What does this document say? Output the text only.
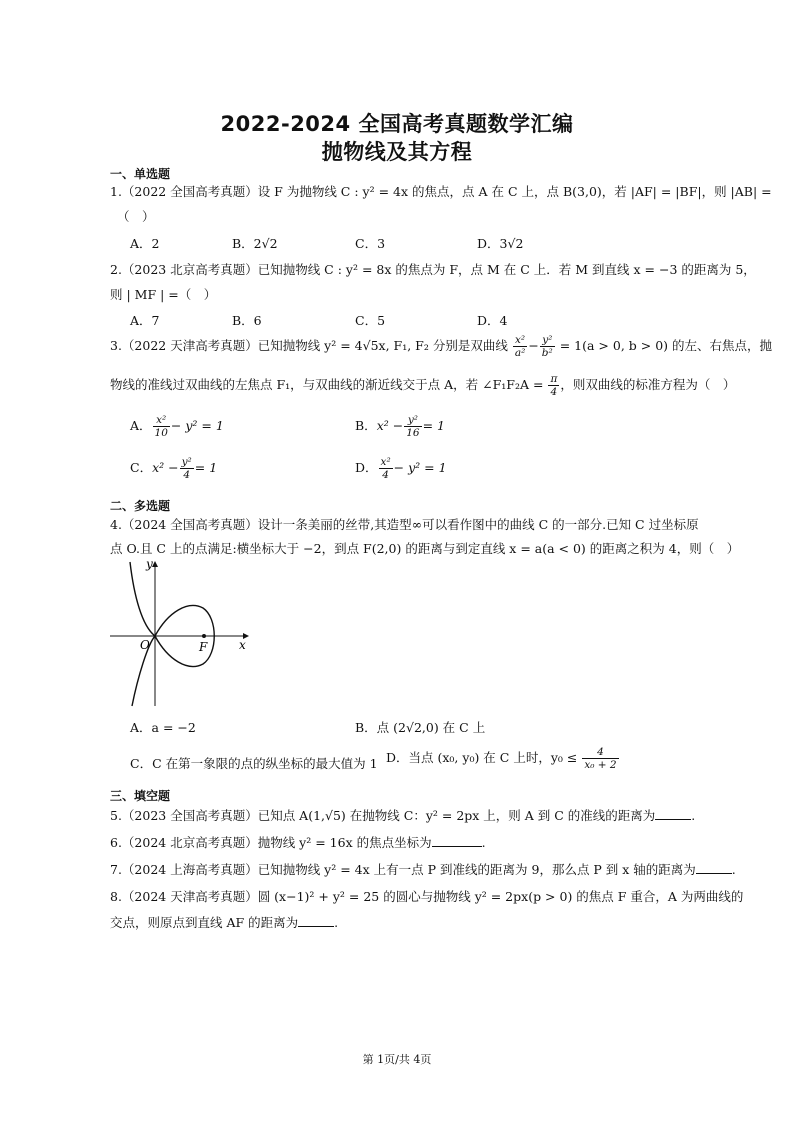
2022-2024 全国高考真题数学汇编
抛物线及其方程
一、单选题
1.（2022 全国高考真题）设 F 为抛物线 C : y² = 4x 的焦点，点 A 在 C 上，点 B(3,0)，若 |AF| = |BF|，则 |AB| =
（　）
A．2	B．2√2	C．3	D．3√2
2.（2023 北京高考真题）已知抛物线 C : y² = 8x 的焦点为 F，点 M 在 C 上．若 M 到直线 x = −3 的距离为 5，
则 | MF | =（　）
A．7	B．6	C．5	D．4
3.（2022 天津高考真题）已知抛物线 y² = 4√5x, F₁, F₂ 分别是双曲线 $\frac{\text{x²}}{\text{a²}} - \frac{\text{y²}}{\text{b²}} = 1(a > 0$, b > 0) 的左、右焦点，抛
物线的准线过双曲线的左焦点 F₁，与双曲线的渐近线交于点 A，若 ∠F₁F₂A = $\frac{\pi}{4}$ ，则双曲线的标准方程为（　）
A． $\frac{\text{x²}}{10} - y^2 = 1$	B．$x^2 - \frac{\text{y²}}{16} = 1$
C．$x^2 - \frac{\text{y²}}{4} = 1$	D． $\frac{\text{x²}}{4} - y^2 = 1$
二、多选题
4.（2024 全国高考真题）设计一条美丽的丝带,其造型∞可以看作图中的曲线 C 的一部分.已知 C 过坐标原
点 O.且 C 上的点满足:横坐标大于 −2，到点 F(2,0) 的距离与到定直线 x = a(a < 0) 的距离之积为 4，则（　）
y
x
O	F
A．a = −2	B．点 (2√2,0) 在 C 上
C．C 在第一象限的点的纵坐标的最大值为 1 D．当点 (x₀, y₀) 在 C 上时，$y_0 \le \frac{4}{\text{x₀ + 2}}$
三、填空题
5.（2023 全国高考真题）已知点 A(1,√5) 在抛物线 C：y² = 2px 上，则 A 到 C 的准线的距离为	.
6.（2024 北京高考真题）抛物线 y² = 16x 的焦点坐标为	.
7.（2024 上海高考真题）已知抛物线 y² = 4x 上有一点 P 到准线的距离为 9，那么点 P 到 x 轴的距离为	.
8.（2024 天津高考真题）圆 (x−1)² + y² = 25 的圆心与抛物线 y² = 2px(p > 0) 的焦点 F 重合，A 为两曲线的
交点，则原点到直线 AF 的距离为	.
第 1页/共 4页
